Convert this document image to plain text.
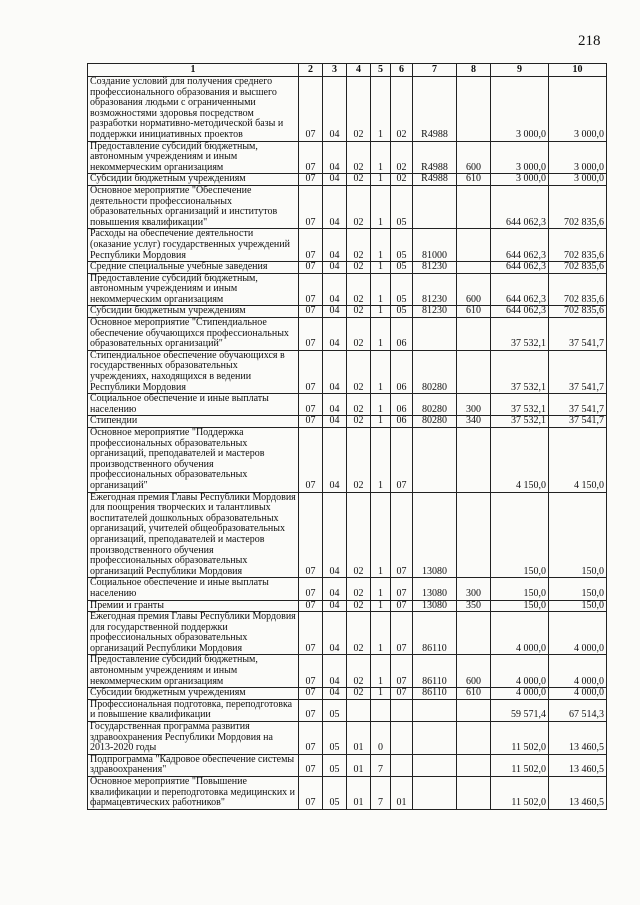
218
1	2	3	4	5	6	7	8	9	10
Создание условий для получения среднего профессионального образования и высшего образования людьми с ограниченными возможностями здоровья посредством разработки нормативно-методической базы и поддержки инициативных проектов	07	04	02	1	02	R4988		3 000,0	3 000,0
Предоставление субсидий бюджетным, автономным учреждениям и иным некоммерческим организациям	07	04	02	1	02	R4988	600	3 000,0	3 000,0
Субсидии бюджетным учреждениям	07	04	02	1	02	R4988	610	3 000,0	3 000,0
Основное мероприятие "Обеспечение деятельности профессиональных образовательных организаций и институтов повышения квалификации"	07	04	02	1	05			644 062,3	702 835,6
Расходы на обеспечение деятельности (оказание услуг) государственных учреждений Республики Мордовия	07	04	02	1	05	81000		644 062,3	702 835,6
Средние специальные учебные заведения	07	04	02	1	05	81230		644 062,3	702 835,6
Предоставление субсидий бюджетным, автономным учреждениям и иным некоммерческим организациям	07	04	02	1	05	81230	600	644 062,3	702 835,6
Субсидии бюджетным учреждениям	07	04	02	1	05	81230	610	644 062,3	702 835,6
Основное мероприятие "Стипендиальное обеспечение обучающихся профессиональных образовательных организаций"	07	04	02	1	06			37 532,1	37 541,7
Стипендиальное обеспечение обучающихся в государственных образовательных учреждениях, находящихся в ведении Республики Мордовия	07	04	02	1	06	80280		37 532,1	37 541,7
Социальное обеспечение и иные выплаты населению	07	04	02	1	06	80280	300	37 532,1	37 541,7
Стипендии	07	04	02	1	06	80280	340	37 532,1	37 541,7
Основное мероприятие "Поддержка профессиональных образовательных организаций, преподавателей и мастеров производственного обучения профессиональных образовательных организаций"	07	04	02	1	07			4 150,0	4 150,0
Ежегодная премия Главы Республики Мордовия для поощрения творческих и талантливых воспитателей дошкольных образовательных организаций, учителей общеобразовательных организаций, преподавателей и мастеров производственного обучения профессиональных образовательных организаций Республики Мордовия	07	04	02	1	07	13080		150,0	150,0
Социальное обеспечение и иные выплаты населению	07	04	02	1	07	13080	300	150,0	150,0
Премии и гранты	07	04	02	1	07	13080	350	150,0	150,0
Ежегодная премия Главы Республики Мордовия для государственной поддержки профессиональных образовательных организаций Республики Мордовия	07	04	02	1	07	86110		4 000,0	4 000,0
Предоставление субсидий бюджетным, автономным учреждениям и иным некоммерческим организациям	07	04	02	1	07	86110	600	4 000,0	4 000,0
Субсидии бюджетным учреждениям	07	04	02	1	07	86110	610	4 000,0	4 000,0
Профессиональная подготовка, переподготовка и повышение квалификации	07	05						59 571,4	67 514,3
Государственная программа развития здравоохранения Республики Мордовия на 2013-2020 годы	07	05	01	0				11 502,0	13 460,5
Подпрограмма "Кадровое обеспечение системы здравоохранения"	07	05	01	7				11 502,0	13 460,5
Основное мероприятие "Повышение квалификации и переподготовка медицинских и фармацевтических работников"	07	05	01	7	01			11 502,0	13 460,5
